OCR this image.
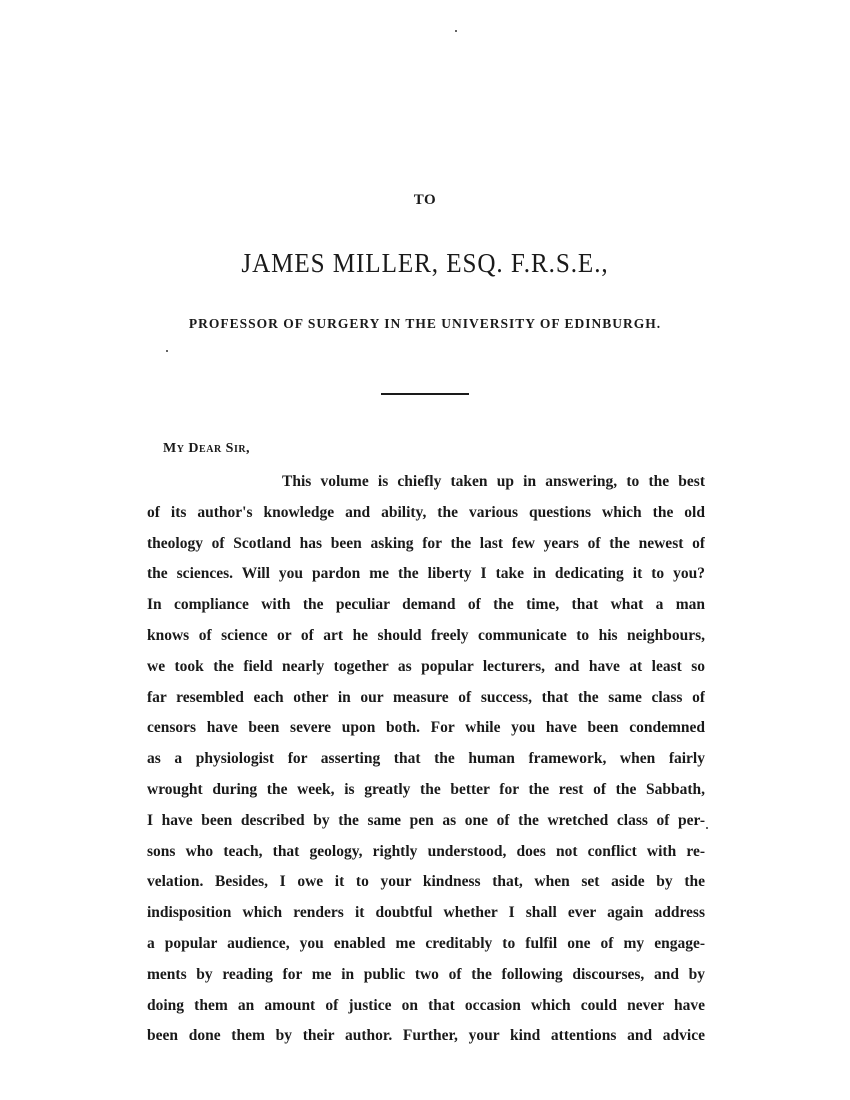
TO
JAMES MILLER, ESQ. F.R.S.E.,
PROFESSOR OF SURGERY IN THE UNIVERSITY OF EDINBURGH.
My Dear Sir,
This volume is chiefly taken up in answering, to the best
of its author's knowledge and ability, the various questions which the old
theology of Scotland has been asking for the last few years of the newest of
the sciences. Will you pardon me the liberty I take in dedicating it to you?
In compliance with the peculiar demand of the time, that what a man
knows of science or of art he should freely communicate to his neighbours,
we took the field nearly together as popular lecturers, and have at least so
far resembled each other in our measure of success, that the same class of
censors have been severe upon both. For while you have been condemned
as a physiologist for asserting that the human framework, when fairly
wrought during the week, is greatly the better for the rest of the Sabbath,
I have been described by the same pen as one of the wretched class of per-
sons who teach, that geology, rightly understood, does not conflict with re-
velation. Besides, I owe it to your kindness that, when set aside by the
indisposition which renders it doubtful whether I shall ever again address
a popular audience, you enabled me creditably to fulfil one of my engage-
ments by reading for me in public two of the following discourses, and by
doing them an amount of justice on that occasion which could never have
been done them by their author. Further, your kind attentions and advice
